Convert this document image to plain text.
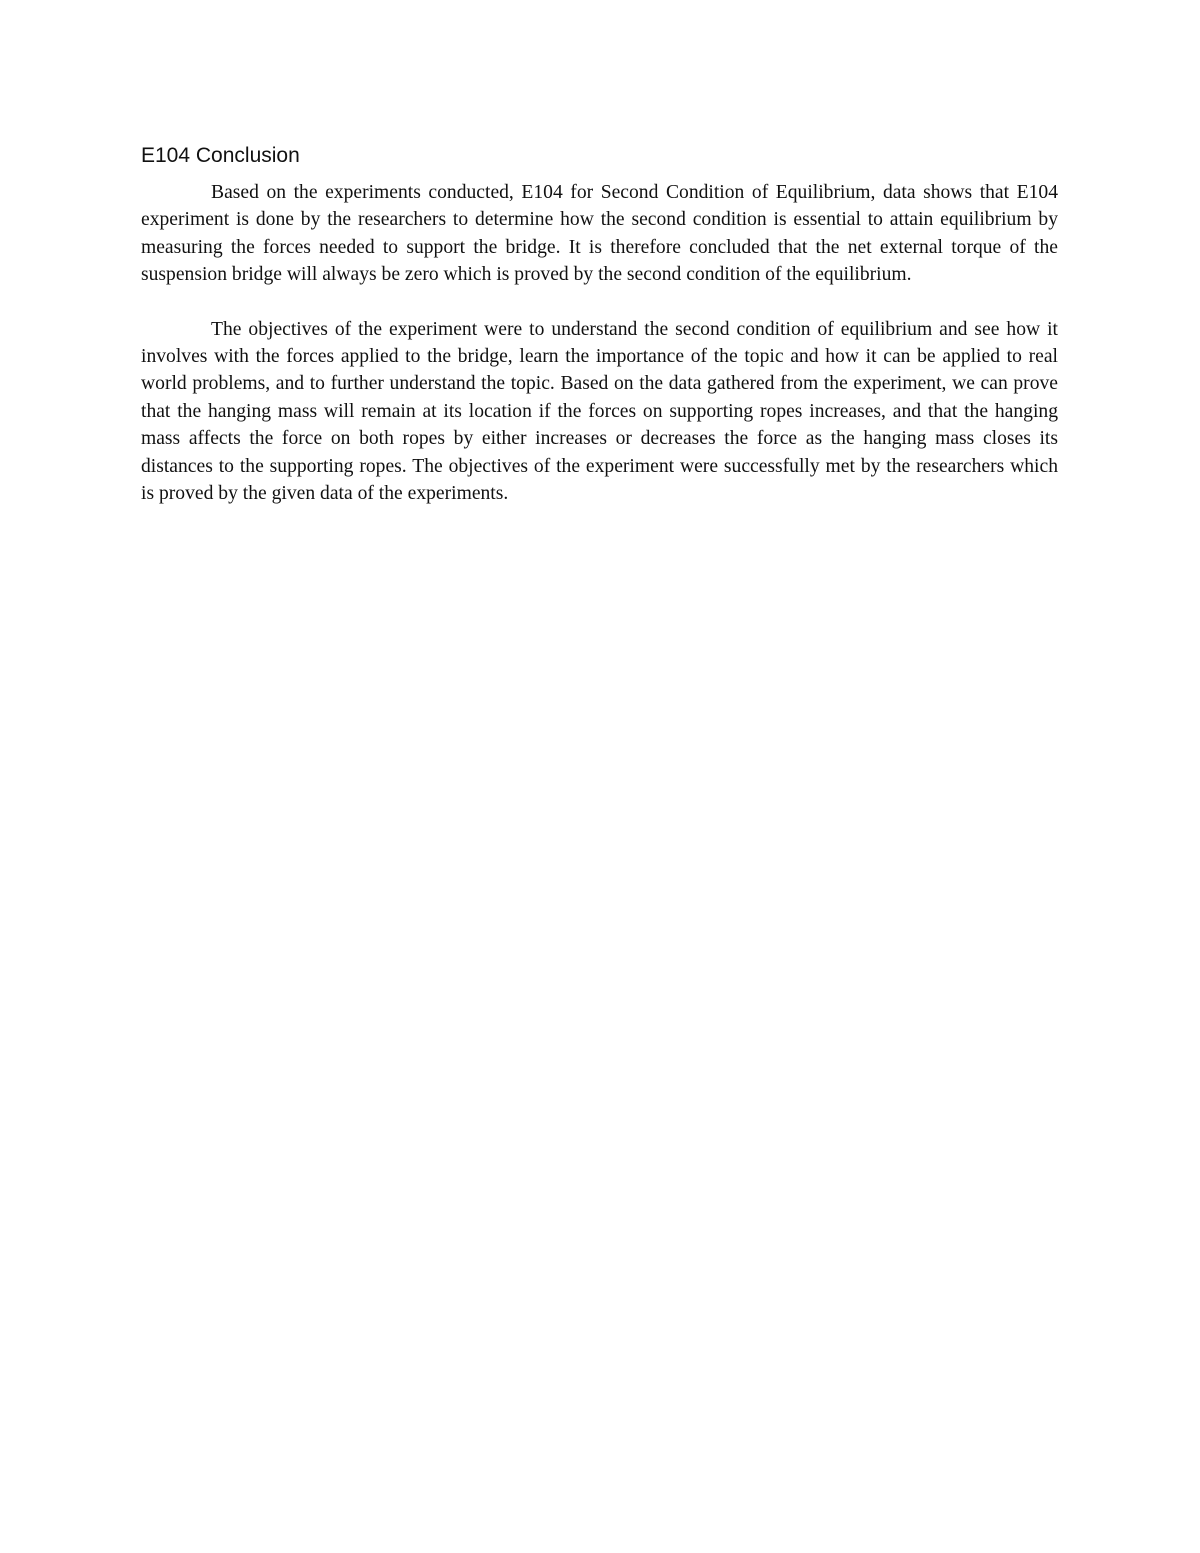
E104 Conclusion

Based on the experiments conducted, E104 for Second Condition of Equilibrium, data shows that E104 experiment is done by the researchers to determine how the second condition is essential to attain equilibrium by measuring the forces needed to support the bridge. It is therefore concluded that the net external torque of the suspension bridge will always be zero which is proved by the second condition of the equilibrium.

The objectives of the experiment were to understand the second condition of equilibrium and see how it involves with the forces applied to the bridge, learn the importance of the topic and how it can be applied to real world problems, and to further understand the topic. Based on the data gathered from the experiment, we can prove that the hanging mass will remain at its location if the forces on supporting ropes increases, and that the hanging mass affects the force on both ropes by either increases or decreases the force as the hanging mass closes its distances to the supporting ropes. The objectives of the experiment were successfully met by the researchers which is proved by the given data of the experiments.
